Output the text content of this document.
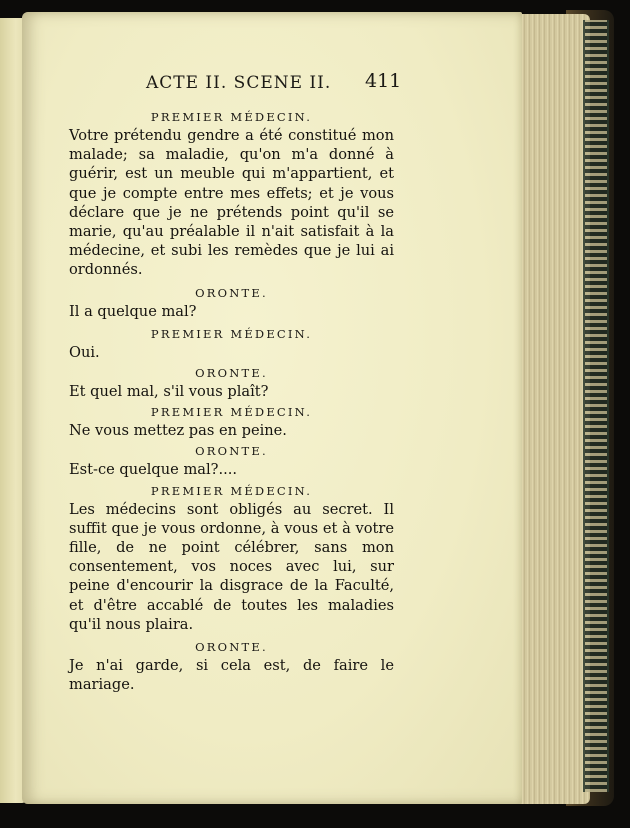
ACTE II. SCENE II. 411

PREMIER MÉDECIN.

Votre prétendu gendre a été constitué mon malade; sa maladie, qu'on m'a donné à guérir, est un meuble qui m'appartient, et que je compte entre mes effets; et je vous déclare que je ne prétends point qu'il se marie, qu'au préalable il n'ait satisfait à la médecine, et subi les remèdes que je lui ai ordonnés.

ORONTE.

Il a quelque mal?

PREMIER MÉDECIN.

Oui.

ORONTE.

Et quel mal, s'il vous plaît?

PREMIER MÉDECIN.

Ne vous mettez pas en peine.

ORONTE.

Est-ce quelque mal?....

PREMIER MÉDECIN.

Les médecins sont obligés au secret. Il suffit que je vous ordonne, à vous et à votre fille, de ne point célébrer, sans mon consentement, vos noces avec lui, sur peine d'encourir la disgrace de la Faculté, et d'être accablé de toutes les maladies qu'il nous plaira.

ORONTE.

Je n'ai garde, si cela est, de faire le mariage.
